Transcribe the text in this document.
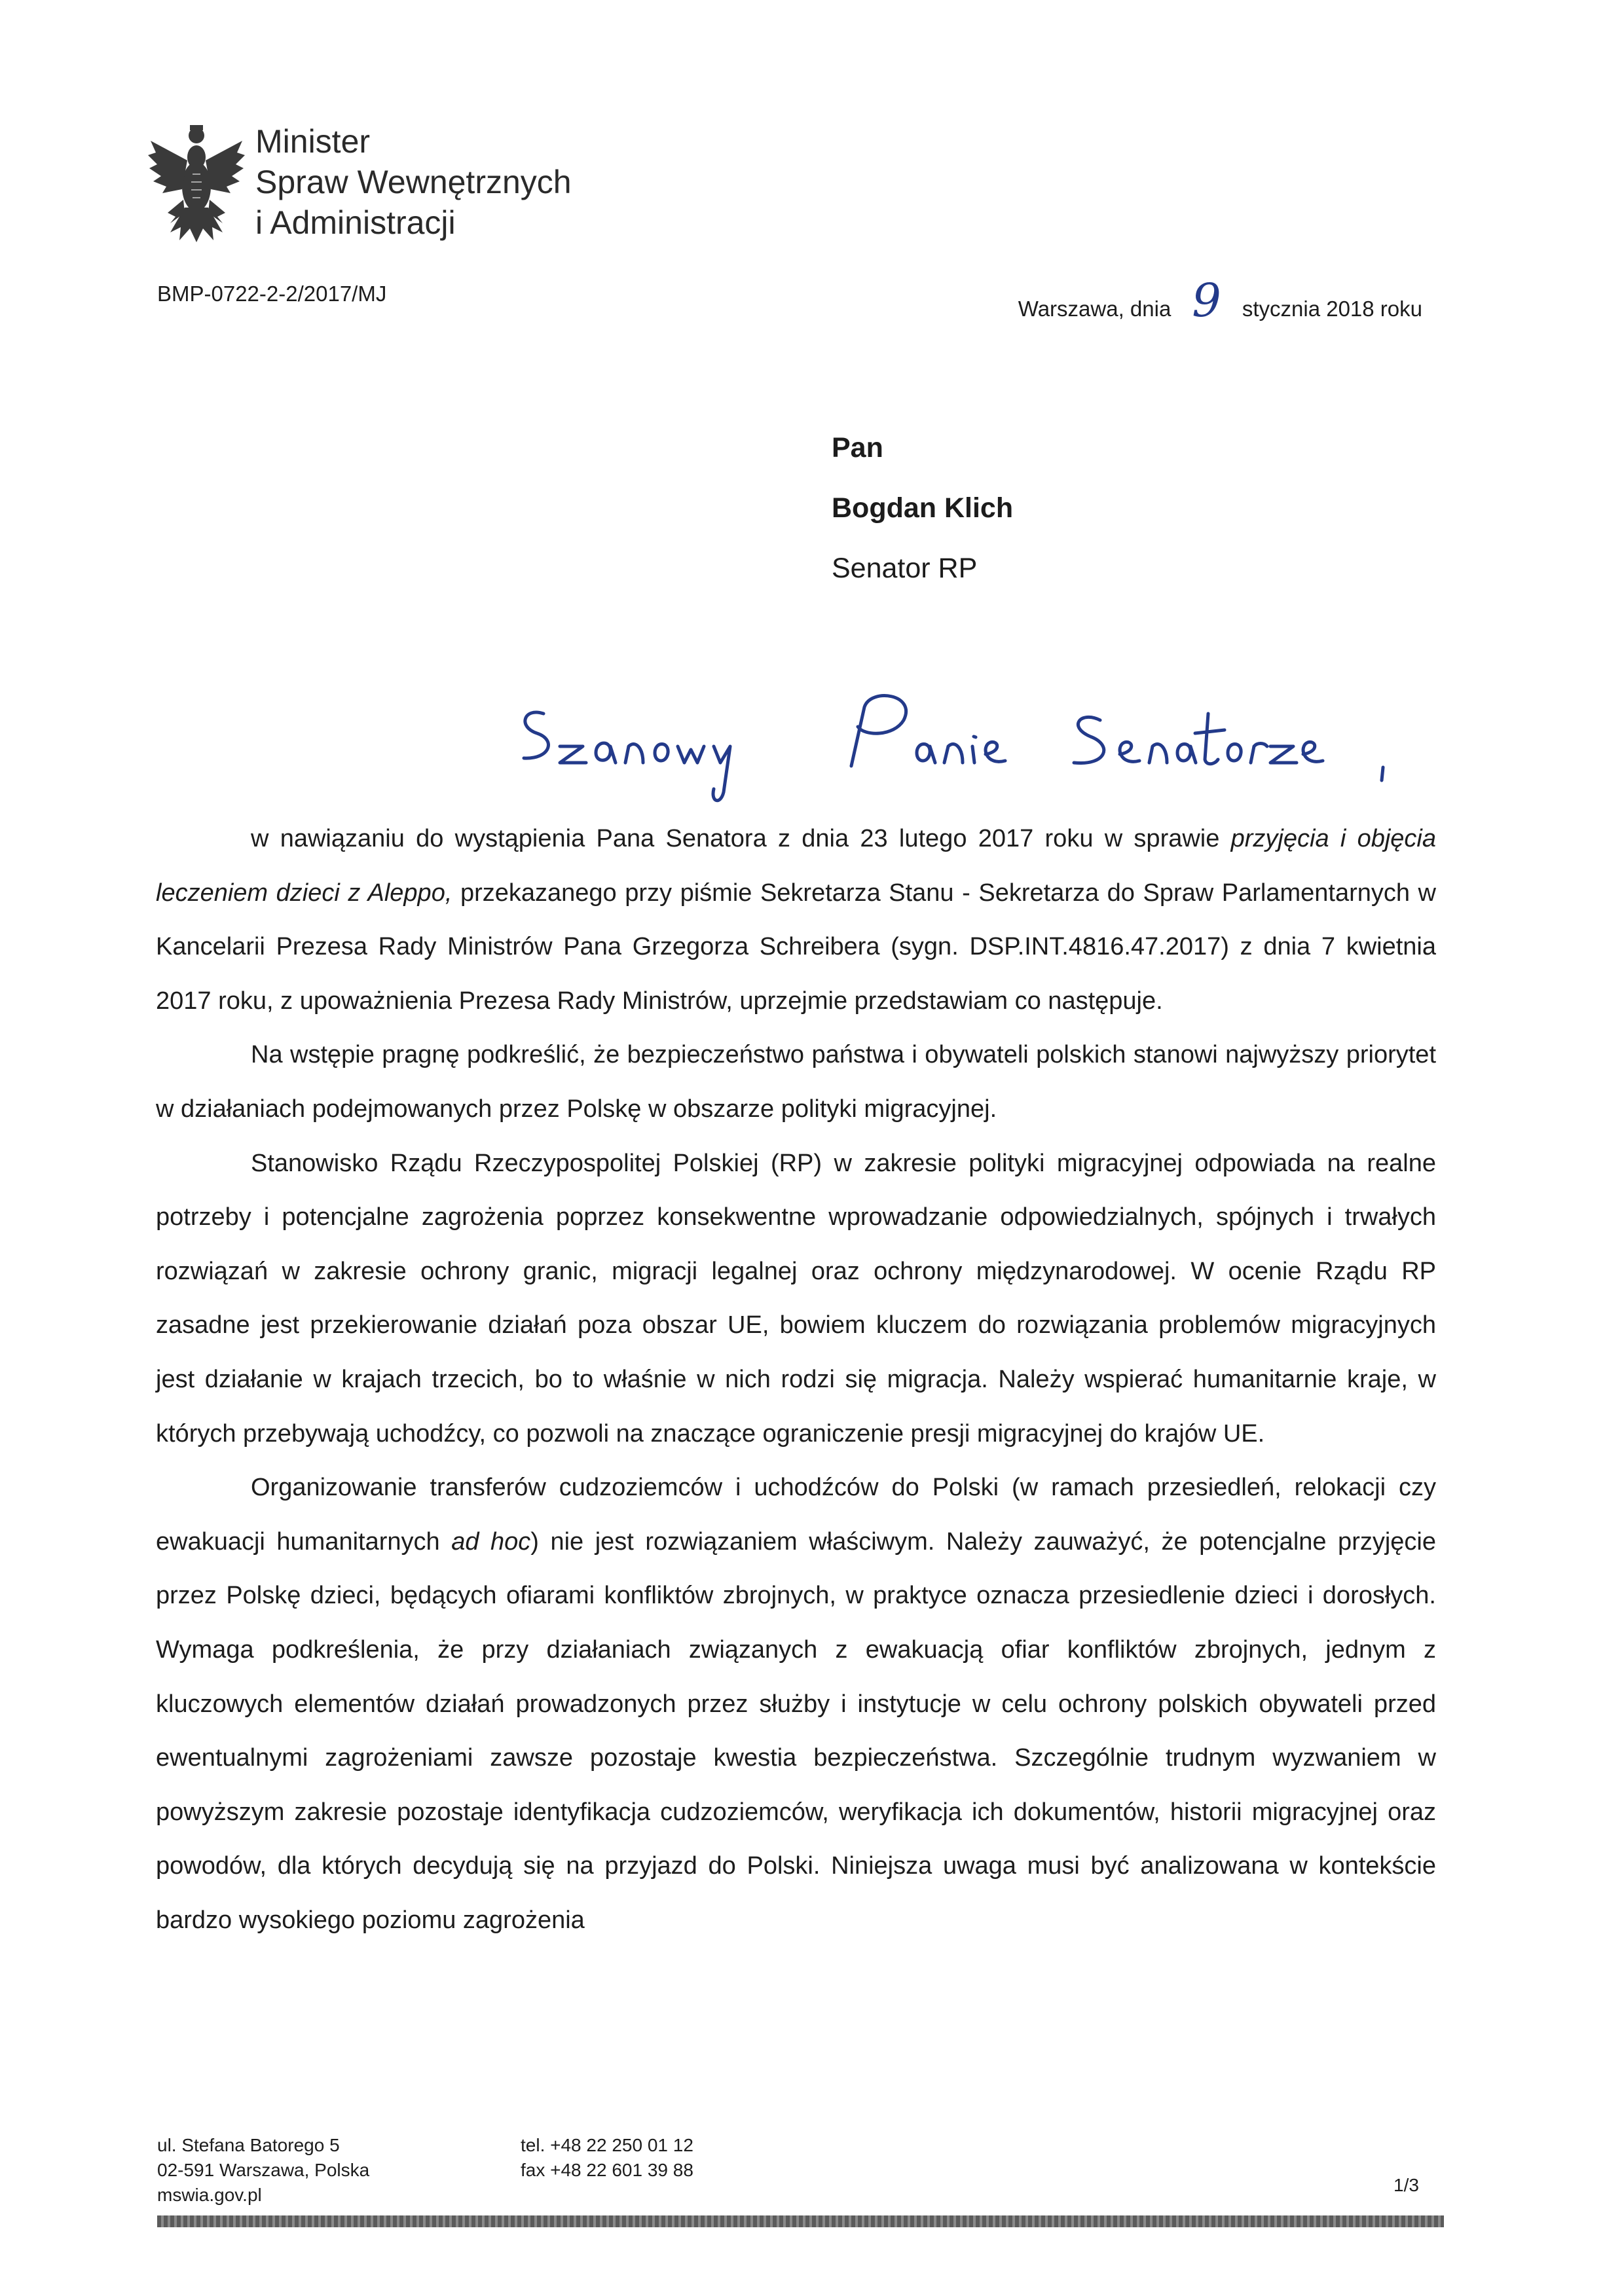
Minister
Spraw Wewnętrznych
i Administracji
BMP-0722-2-2/2017/MJ
Warszawa, dnia 9 stycznia 2018 roku
Pan
Bogdan Klich
Senator RP

w nawiązaniu do wystąpienia Pana Senatora z dnia 23 lutego 2017 roku w sprawie przyjęcia i objęcia leczeniem dzieci z Aleppo, przekazanego przy piśmie Sekretarza Stanu - Sekretarza do Spraw Parlamentarnych w Kancelarii Prezesa Rady Ministrów Pana Grzegorza Schreibera (sygn. DSP.INT.4816.47.2017) z dnia 7 kwietnia 2017 roku, z upoważnienia Prezesa Rady Ministrów, uprzejmie przedstawiam co następuje.

Na wstępie pragnę podkreślić, że bezpieczeństwo państwa i obywateli polskich stanowi najwyższy priorytet w działaniach podejmowanych przez Polskę w obszarze polityki migracyjnej.

Stanowisko Rządu Rzeczypospolitej Polskiej (RP) w zakresie polityki migracyjnej odpowiada na realne potrzeby i potencjalne zagrożenia poprzez konsekwentne wprowadzanie odpowiedzialnych, spójnych i trwałych rozwiązań w zakresie ochrony granic, migracji legalnej oraz ochrony międzynarodowej. W ocenie Rządu RP zasadne jest przekierowanie działań poza obszar UE, bowiem kluczem do rozwiązania problemów migracyjnych jest działanie w krajach trzecich, bo to właśnie w nich rodzi się migracja. Należy wspierać humanitarnie kraje, w których przebywają uchodźcy, co pozwoli na znaczące ograniczenie presji migracyjnej do krajów UE.

Organizowanie transferów cudzoziemców i uchodźców do Polski (w ramach przesiedleń, relokacji czy ewakuacji humanitarnych ad hoc) nie jest rozwiązaniem właściwym. Należy zauważyć, że potencjalne przyjęcie przez Polskę dzieci, będących ofiarami konfliktów zbrojnych, w praktyce oznacza przesiedlenie dzieci i dorosłych. Wymaga podkreślenia, że przy działaniach związanych z ewakuacją ofiar konfliktów zbrojnych, jednym z kluczowych elementów działań prowadzonych przez służby i instytucje w celu ochrony polskich obywateli przed ewentualnymi zagrożeniami zawsze pozostaje kwestia bezpieczeństwa. Szczególnie trudnym wyzwaniem w powyższym zakresie pozostaje identyfikacja cudzoziemców, weryfikacja ich dokumentów, historii migracyjnej oraz powodów, dla których decydują się na przyjazd do Polski. Niniejsza uwaga musi być analizowana w kontekście bardzo wysokiego poziomu zagrożenia

ul. Stefana Batorego 5
02-591 Warszawa, Polska
mswia.gov.pl
tel. +48 22 250 01 12
fax +48 22 601 39 88
1/3
